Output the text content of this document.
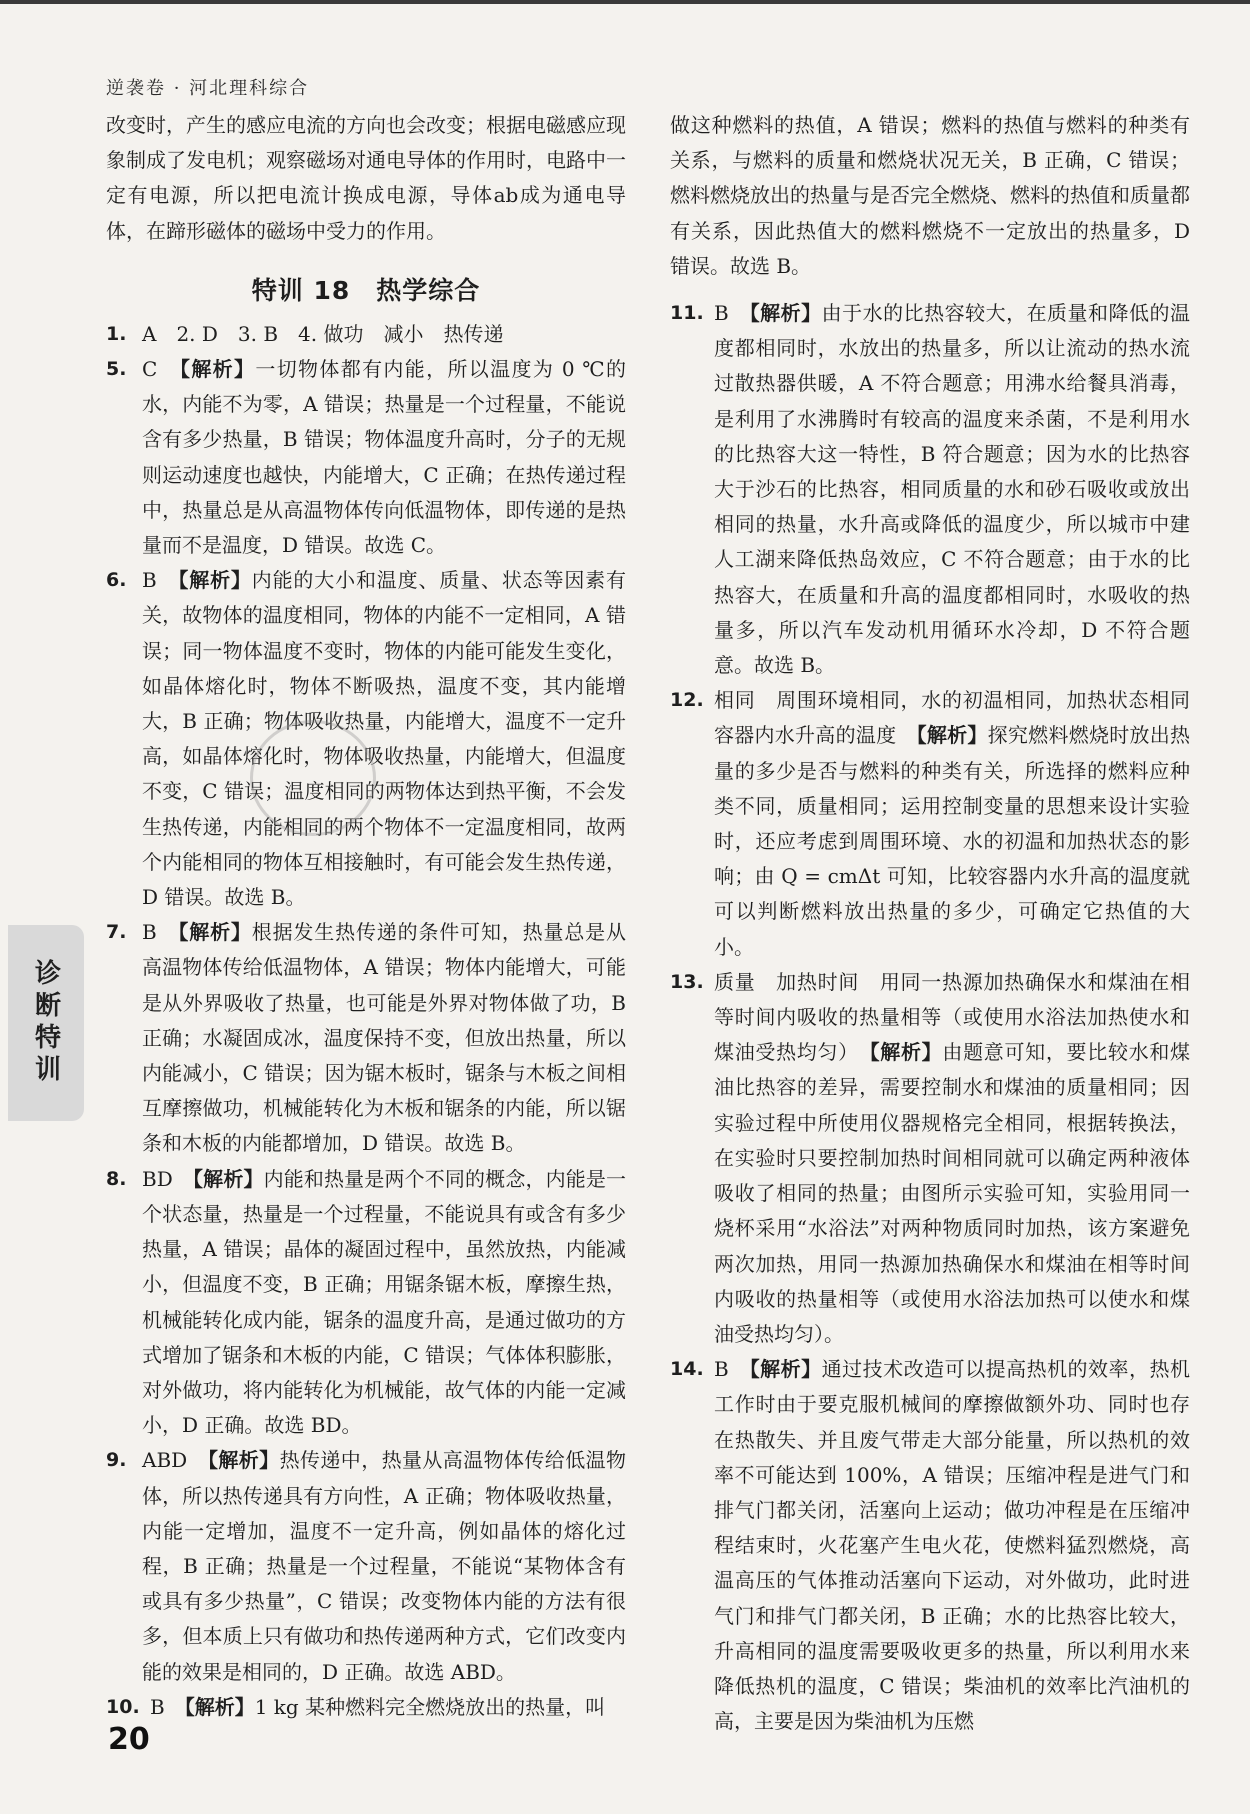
逆袭卷 · 河北理科综合

改变时，产生的感应电流的方向也会改变；根据电磁感应现象制成了发电机；观察磁场对通电导体的作用时，电路中一定有电源，所以把电流计换成电源，导体ab成为通电导体，在蹄形磁体的磁场中受力的作用。

特训 18　热学综合

1. A　2. D　3. B　4. 做功　减小　热传递

5. C　【解析】一切物体都有内能，所以温度为 0 ℃的水，内能不为零，A 错误；热量是一个过程量，不能说含有多少热量，B 错误；物体温度升高时，分子的无规则运动速度也越快，内能增大，C 正确；在热传递过程中，热量总是从高温物体传向低温物体，即传递的是热量而不是温度，D 错误。故选 C。

6. B　【解析】内能的大小和温度、质量、状态等因素有关，故物体的温度相同，物体的内能不一定相同，A 错误；同一物体温度不变时，物体的内能可能发生变化，如晶体熔化时，物体不断吸热，温度不变，其内能增大，B 正确；物体吸收热量，内能增大，温度不一定升高，如晶体熔化时，物体吸收热量，内能增大，但温度不变，C 错误；温度相同的两物体达到热平衡，不会发生热传递，内能相同的两个物体不一定温度相同，故两个内能相同的物体互相接触时，有可能会发生热传递，D 错误。故选 B。

7. B　【解析】根据发生热传递的条件可知，热量总是从高温物体传给低温物体，A 错误；物体内能增大，可能是从外界吸收了热量，也可能是外界对物体做了功，B 正确；水凝固成冰，温度保持不变，但放出热量，所以内能减小，C 错误；因为锯木板时，锯条与木板之间相互摩擦做功，机械能转化为木板和锯条的内能，所以锯条和木板的内能都增加，D 错误。故选 B。

8. BD　【解析】内能和热量是两个不同的概念，内能是一个状态量，热量是一个过程量，不能说具有或含有多少热量，A 错误；晶体的凝固过程中，虽然放热，内能减小，但温度不变，B 正确；用锯条锯木板，摩擦生热，机械能转化成内能，锯条的温度升高，是通过做功的方式增加了锯条和木板的内能，C 错误；气体体积膨胀，对外做功，将内能转化为机械能，故气体的内能一定减小，D 正确。故选 BD。

9. ABD　【解析】热传递中，热量从高温物体传给低温物体，所以热传递具有方向性，A 正确；物体吸收热量，内能一定增加，温度不一定升高，例如晶体的熔化过程，B 正确；热量是一个过程量，不能说“某物体含有或具有多少热量”，C 错误；改变物体内能的方法有很多，但本质上只有做功和热传递两种方式，它们改变内能的效果是相同的，D 正确。故选 ABD。

10. B　【解析】1 kg 某种燃料完全燃烧放出的热量，叫

做这种燃料的热值，A 错误；燃料的热值与燃料的种类有关系，与燃料的质量和燃烧状况无关，B 正确，C 错误；燃料燃烧放出的热量与是否完全燃烧、燃料的热值和质量都有关系，因此热值大的燃料燃烧不一定放出的热量多，D 错误。故选 B。

11. B　【解析】由于水的比热容较大，在质量和降低的温度都相同时，水放出的热量多，所以让流动的热水流过散热器供暖，A 不符合题意；用沸水给餐具消毒，是利用了水沸腾时有较高的温度来杀菌，不是利用水的比热容大这一特性，B 符合题意；因为水的比热容大于沙石的比热容，相同质量的水和砂石吸收或放出相同的热量，水升高或降低的温度少，所以城市中建人工湖来降低热岛效应，C 不符合题意；由于水的比热容大，在质量和升高的温度都相同时，水吸收的热量多，所以汽车发动机用循环水冷却，D 不符合题意。故选 B。

12. 相同　周围环境相同，水的初温相同，加热状态相同　容器内水升高的温度　【解析】探究燃料燃烧时放出热量的多少是否与燃料的种类有关，所选择的燃料应种类不同，质量相同；运用控制变量的思想来设计实验时，还应考虑到周围环境、水的初温和加热状态的影响；由 Q = cmΔt 可知，比较容器内水升高的温度就可以判断燃料放出热量的多少，可确定它热值的大小。

13. 质量　加热时间　用同一热源加热确保水和煤油在相等时间内吸收的热量相等（或使用水浴法加热使水和煤油受热均匀）　【解析】由题意可知，要比较水和煤油比热容的差异，需要控制水和煤油的质量相同；因实验过程中所使用仪器规格完全相同，根据转换法，在实验时只要控制加热时间相同就可以确定两种液体吸收了相同的热量；由图所示实验可知，实验用同一烧杯采用“水浴法”对两种物质同时加热，该方案避免两次加热，用同一热源加热确保水和煤油在相等时间内吸收的热量相等（或使用水浴法加热可以使水和煤油受热均匀）。

14. B　【解析】通过技术改造可以提高热机的效率，热机工作时由于要克服机械间的摩擦做额外功、同时也存在热散失、并且废气带走大部分能量，所以热机的效率不可能达到 100%，A 错误；压缩冲程是进气门和排气门都关闭，活塞向上运动；做功冲程是在压缩冲程结束时，火花塞产生电火花，使燃料猛烈燃烧，高温高压的气体推动活塞向下运动，对外做功，此时进气门和排气门都关闭，B 正确；水的比热容比较大，升高相同的温度需要吸收更多的热量，所以利用水来降低热机的温度，C 错误；柴油机的效率比汽油机的高，主要是因为柴油机为压燃

诊断特训
20
